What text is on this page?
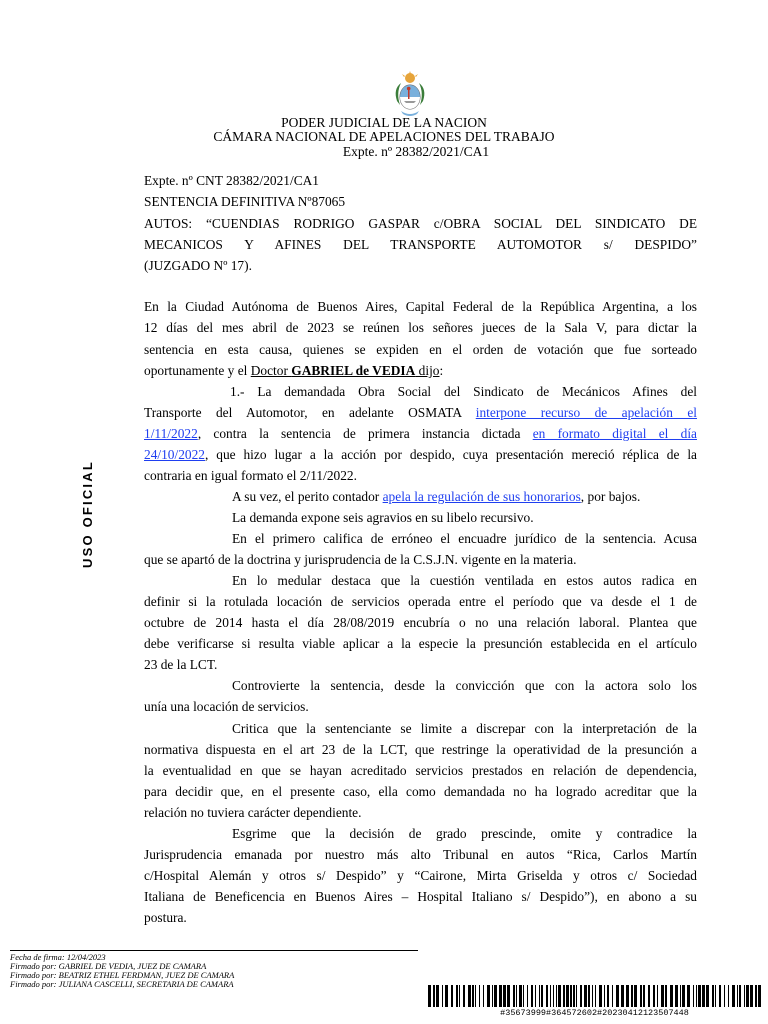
PODER JUDICIAL DE LA NACION
CÁMARA NACIONAL DE APELACIONES DEL TRABAJO
Expte. nº 28382/2021/CA1
USO OFICIAL
Expte. nº CNT 28382/2021/CA1
SENTENCIA DEFINITIVA Nº87065
AUTOS: “CUENDIAS RODRIGO GASPAR c/OBRA SOCIAL DEL SINDICATO DE
MECANICOS Y AFINES DEL TRANSPORTE AUTOMOTOR s/ DESPIDO”
(JUZGADO Nº 17).
En la Ciudad Autónoma de Buenos Aires, Capital Federal de la República Argentina, a los
12 días del mes abril de 2023 se reúnen los señores jueces de la Sala V, para dictar la
sentencia en esta causa, quienes se expiden en el orden de votación que fue sorteado
oportunamente y el Doctor GABRIEL de VEDIA dijo:
1.- La demandada Obra Social del Sindicato de Mecánicos Afines del
Transporte del Automotor, en adelante OSMATA interpone recurso de apelación el
1/11/2022, contra la sentencia de primera instancia dictada en formato digital el día
24/10/2022, que hizo lugar a la acción por despido, cuya presentación mereció réplica de la
contraria en igual formato el 2/11/2022.
A su vez, el perito contador apela la regulación de sus honorarios, por bajos.
La demanda expone seis agravios en su libelo recursivo.
En el primero califica de erróneo el encuadre jurídico de la sentencia. Acusa
que se apartó de la doctrina y jurisprudencia de la C.S.J.N. vigente en la materia.
En lo medular destaca que la cuestión ventilada en estos autos radica en
definir si la rotulada locación de servicios operada entre el período que va desde el 1 de
octubre de 2014 hasta el día 28/08/2019 encubría o no una relación laboral. Plantea que
debe verificarse si resulta viable aplicar a la especie la presunción establecida en el artículo
23 de la LCT.
Controvierte la sentencia, desde la convicción que con la actora solo los
unía una locación de servicios.
Critica que la sentenciante se limite a discrepar con la interpretación de la
normativa dispuesta en el art 23 de la LCT, que restringe la operatividad de la presunción a
la eventualidad en que se hayan acreditado servicios prestados en relación de dependencia,
para decidir que, en el presente caso, ella como demandada no ha logrado acreditar que la
relación no tuviera carácter dependiente.
Esgrime que la decisión de grado prescinde, omite y contradice la
Jurisprudencia emanada por nuestro más alto Tribunal en autos “Rica, Carlos Martín
c/Hospital Alemán y otros s/ Despido” y “Cairone, Mirta Griselda y otros c/ Sociedad
Italiana de Beneficencia en Buenos Aires – Hospital Italiano s/ Despido”), en abono a su
postura.
Fecha de firma: 12/04/2023
Firmado por: GABRIEL DE VEDIA, JUEZ DE CAMARA
Firmado por: BEATRIZ ETHEL FERDMAN, JUEZ DE CAMARA
Firmado por: JULIANA CASCELLI, SECRETARIA DE CAMARA
#35673999#364572602#20230412123507448
